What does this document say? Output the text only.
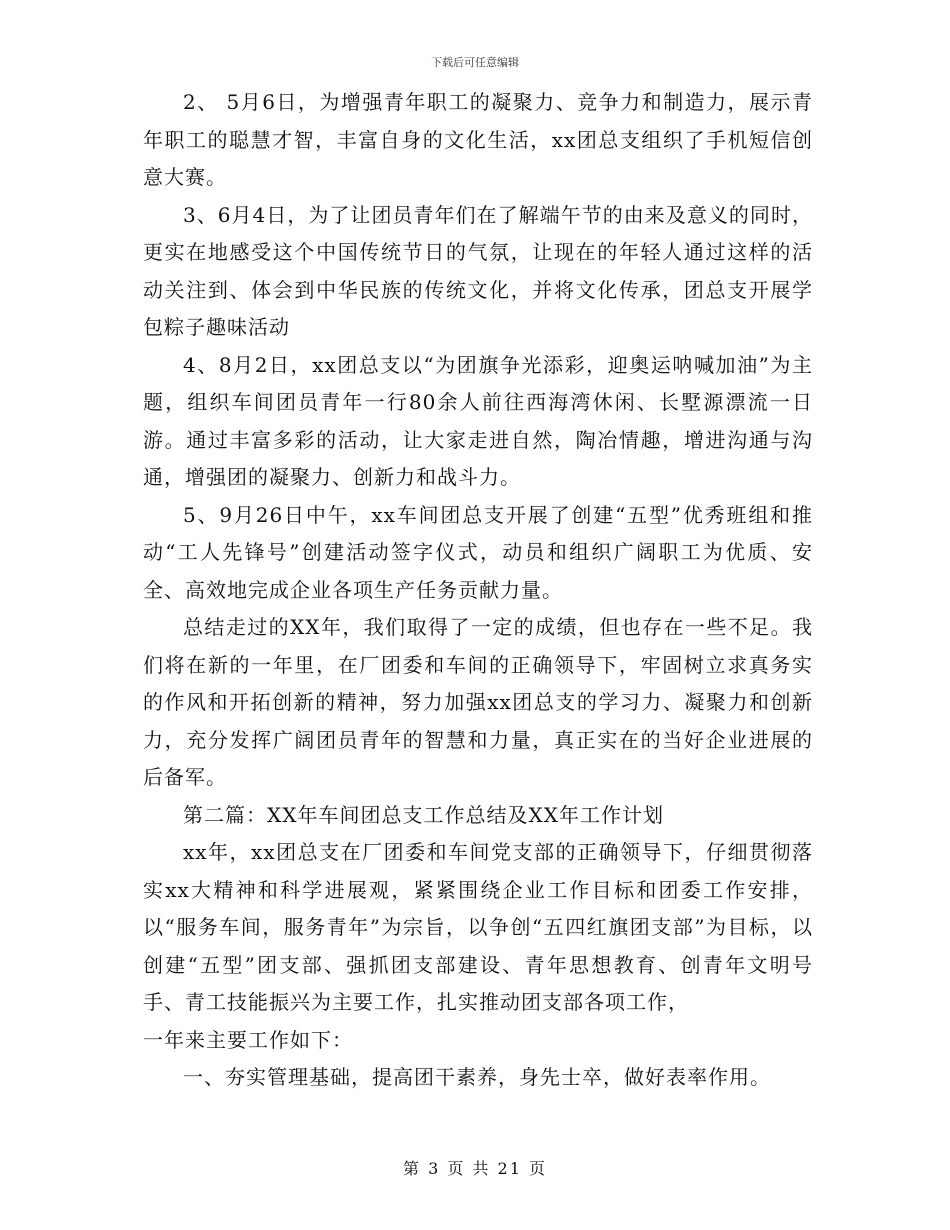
下载后可任意编辑

2、 5月6日，为增强青年职工的凝聚力、竞争力和制造力，展示青年职工的聪慧才智，丰富自身的文化生活，xx团总支组织了手机短信创意大赛。

3、6月4日，为了让团员青年们在了解端午节的由来及意义的同时，更实在地感受这个中国传统节日的气氛，让现在的年轻人通过这样的活动关注到、体会到中华民族的传统文化，并将文化传承，团总支开展学包粽子趣味活动

4、8月2日，xx团总支以“为团旗争光添彩，迎奥运呐喊加油”为主题，组织车间团员青年一行80余人前往西海湾休闲、长墅源漂流一日游。通过丰富多彩的活动，让大家走进自然，陶冶情趣，增进沟通与沟通，增强团的凝聚力、创新力和战斗力。

5、9月26日中午，xx车间团总支开展了创建“五型”优秀班组和推动“工人先锋号”创建活动签字仪式，动员和组织广阔职工为优质、安全、高效地完成企业各项生产任务贡献力量。

总结走过的XX年，我们取得了一定的成绩，但也存在一些不足。我们将在新的一年里，在厂团委和车间的正确领导下，牢固树立求真务实的作风和开拓创新的精神，努力加强xx团总支的学习力、凝聚力和创新力，充分发挥广阔团员青年的智慧和力量，真正实在的当好企业进展的后备军。

第二篇：XX年车间团总支工作总结及XX年工作计划

xx年，xx团总支在厂团委和车间党支部的正确领导下，仔细贯彻落实xx大精神和科学进展观，紧紧围绕企业工作目标和团委工作安排，以“服务车间，服务青年”为宗旨，以争创“五四红旗团支部”为目标，以创建“五型”团支部、强抓团支部建设、青年思想教育、创青年文明号手、青工技能振兴为主要工作，扎实推动团支部各项工作，

一年来主要工作如下：

一、夯实管理基础，提高团干素养，身先士卒，做好表率作用。

第 3 页 共 21 页
